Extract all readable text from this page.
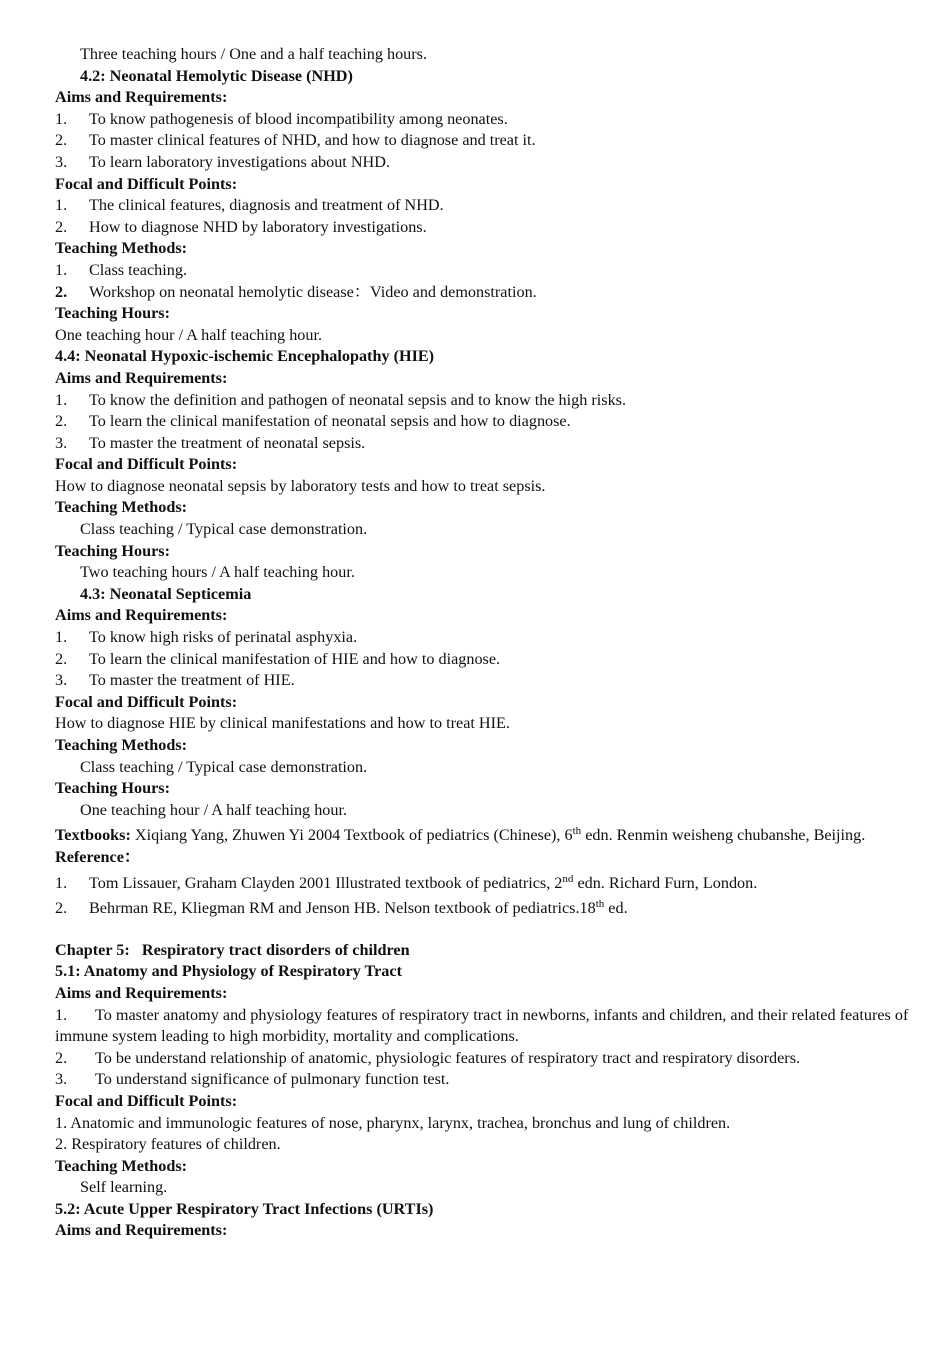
Three teaching hours / One and a half teaching hours.
4.2: Neonatal Hemolytic Disease (NHD)
Aims and Requirements:
1. To know pathogenesis of blood incompatibility among neonates.
2. To master clinical features of NHD, and how to diagnose and treat it.
3. To learn laboratory investigations about NHD.
Focal and Difficult Points:
1. The clinical features, diagnosis and treatment of NHD.
2. How to diagnose NHD by laboratory investigations.
Teaching Methods:
1. Class teaching.
2. Workshop on neonatal hemolytic disease：Video and demonstration.
Teaching Hours:
One teaching hour / A half teaching hour.
4.4: Neonatal Hypoxic-ischemic Encephalopathy (HIE)
Aims and Requirements:
1. To know the definition and pathogen of neonatal sepsis and to know the high risks.
2. To learn the clinical manifestation of neonatal sepsis and how to diagnose.
3. To master the treatment of neonatal sepsis.
Focal and Difficult Points:
How to diagnose neonatal sepsis by laboratory tests and how to treat sepsis.
Teaching Methods:
Class teaching / Typical case demonstration.
Teaching Hours:
Two teaching hours / A half teaching hour.
4.3: Neonatal Septicemia
Aims and Requirements:
1. To know high risks of perinatal asphyxia.
2. To learn the clinical manifestation of HIE and how to diagnose.
3. To master the treatment of HIE.
Focal and Difficult Points:
How to diagnose HIE by clinical manifestations and how to treat HIE.
Teaching Methods:
Class teaching / Typical case demonstration.
Teaching Hours:
One teaching hour / A half teaching hour.
Textbooks: Xiqiang Yang, Zhuwen Yi 2004 Textbook of pediatrics (Chinese), 6th edn. Renmin weisheng chubanshe, Beijing.
Reference：
1. Tom Lissauer, Graham Clayden 2001 Illustrated textbook of pediatrics, 2nd edn. Richard Furn, London.
2. Behrman RE, Kliegman RM and Jenson HB. Nelson textbook of pediatrics.18th ed.
Chapter 5:   Respiratory tract disorders of children
5.1: Anatomy and Physiology of Respiratory Tract
Aims and Requirements:
1. To master anatomy and physiology features of respiratory tract in newborns, infants and children, and their related features of immune system leading to high morbidity, mortality and complications.
2. To be understand relationship of anatomic, physiologic features of respiratory tract and respiratory disorders.
3. To understand significance of pulmonary function test.
Focal and Difficult Points:
1. Anatomic and immunologic features of nose, pharynx, larynx, trachea, bronchus and lung of children.
2. Respiratory features of children.
Teaching Methods:
Self learning.
5.2: Acute Upper Respiratory Tract Infections (URTIs)
Aims and Requirements:
